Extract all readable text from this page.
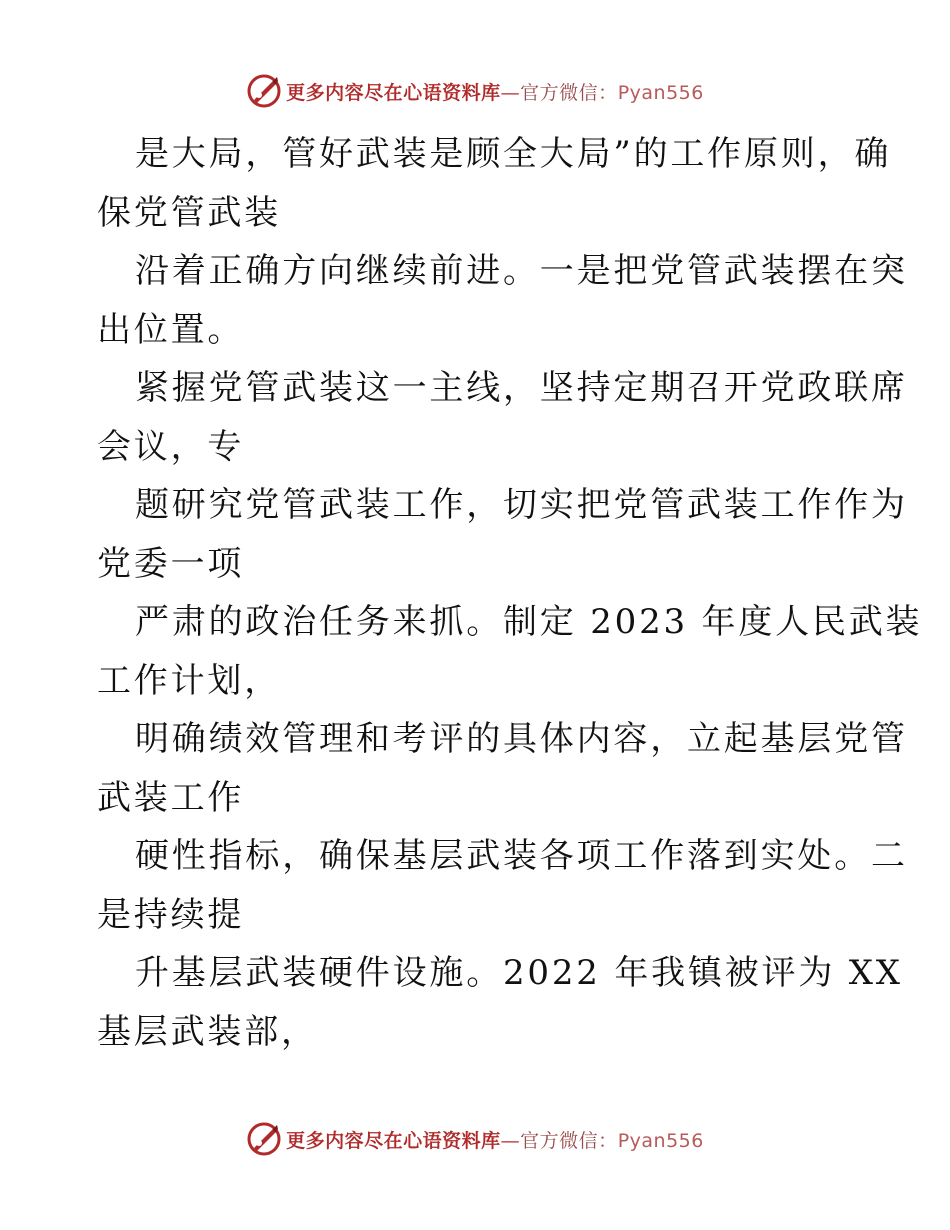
更多内容尽在心语资料库—官方微信：Pyan556
是大局，管好武装是顾全大局”的工作原则，确
保党管武装
沿着正确方向继续前进。一是把党管武装摆在突
出位置。
紧握党管武装这一主线，坚持定期召开党政联席
会议，专
题研究党管武装工作，切实把党管武装工作作为
党委一项
严肃的政治任务来抓。制定 2023 年度人民武装
工作计划，
明确绩效管理和考评的具体内容，立起基层党管
武装工作
硬性指标，确保基层武装各项工作落到实处。二
是持续提
升基层武装硬件设施。2022 年我镇被评为 XX
基层武装部，
更多内容尽在心语资料库—官方微信：Pyan556
